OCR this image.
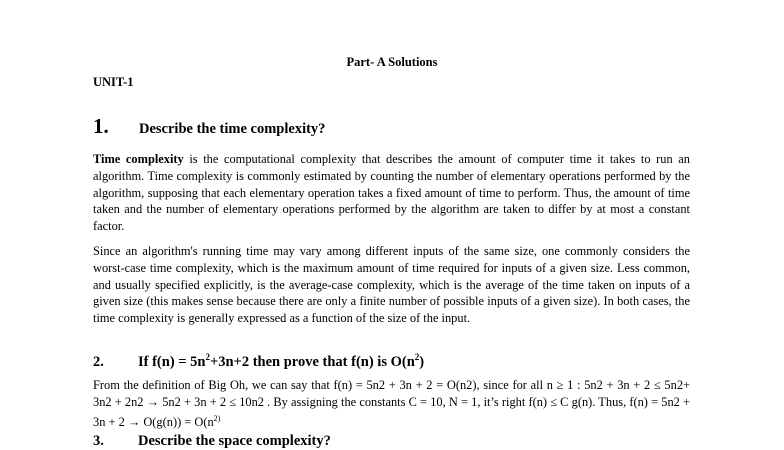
Part- A Solutions
UNIT-1
1. Describe the time complexity?
Time complexity is the computational complexity that describes the amount of computer time it takes to run an algorithm. Time complexity is commonly estimated by counting the number of elementary operations performed by the algorithm, supposing that each elementary operation takes a fixed amount of time to perform. Thus, the amount of time taken and the number of elementary operations performed by the algorithm are taken to differ by at most a constant factor.
Since an algorithm's running time may vary among different inputs of the same size, one commonly considers the worst-case time complexity, which is the maximum amount of time required for inputs of a given size. Less common, and usually specified explicitly, is the average-case complexity, which is the average of the time taken on inputs of a given size (this makes sense because there are only a finite number of possible inputs of a given size). In both cases, the time complexity is generally expressed as a function of the size of the input.
2. If $f(n) = 5n^2+3n+2$ then prove that f(n) is $O(n^2)$
From the definition of Big Oh, we can say that f(n) = 5n2 + 3n + 2 = O(n2), since for all n ≥ 1 : 5n2 + 3n + 2 ≤ 5n2+ 3n2 + 2n2 → 5n2 + 3n + 2 ≤ 10n2 . By assigning the constants C = 10, N = 1, it’s right f(n) ≤ C g(n). Thus, $f(n) = 5n2 + 3n + 2 \to O(g(n)) = O(n^{2)}$
3. Describe the space complexity?
